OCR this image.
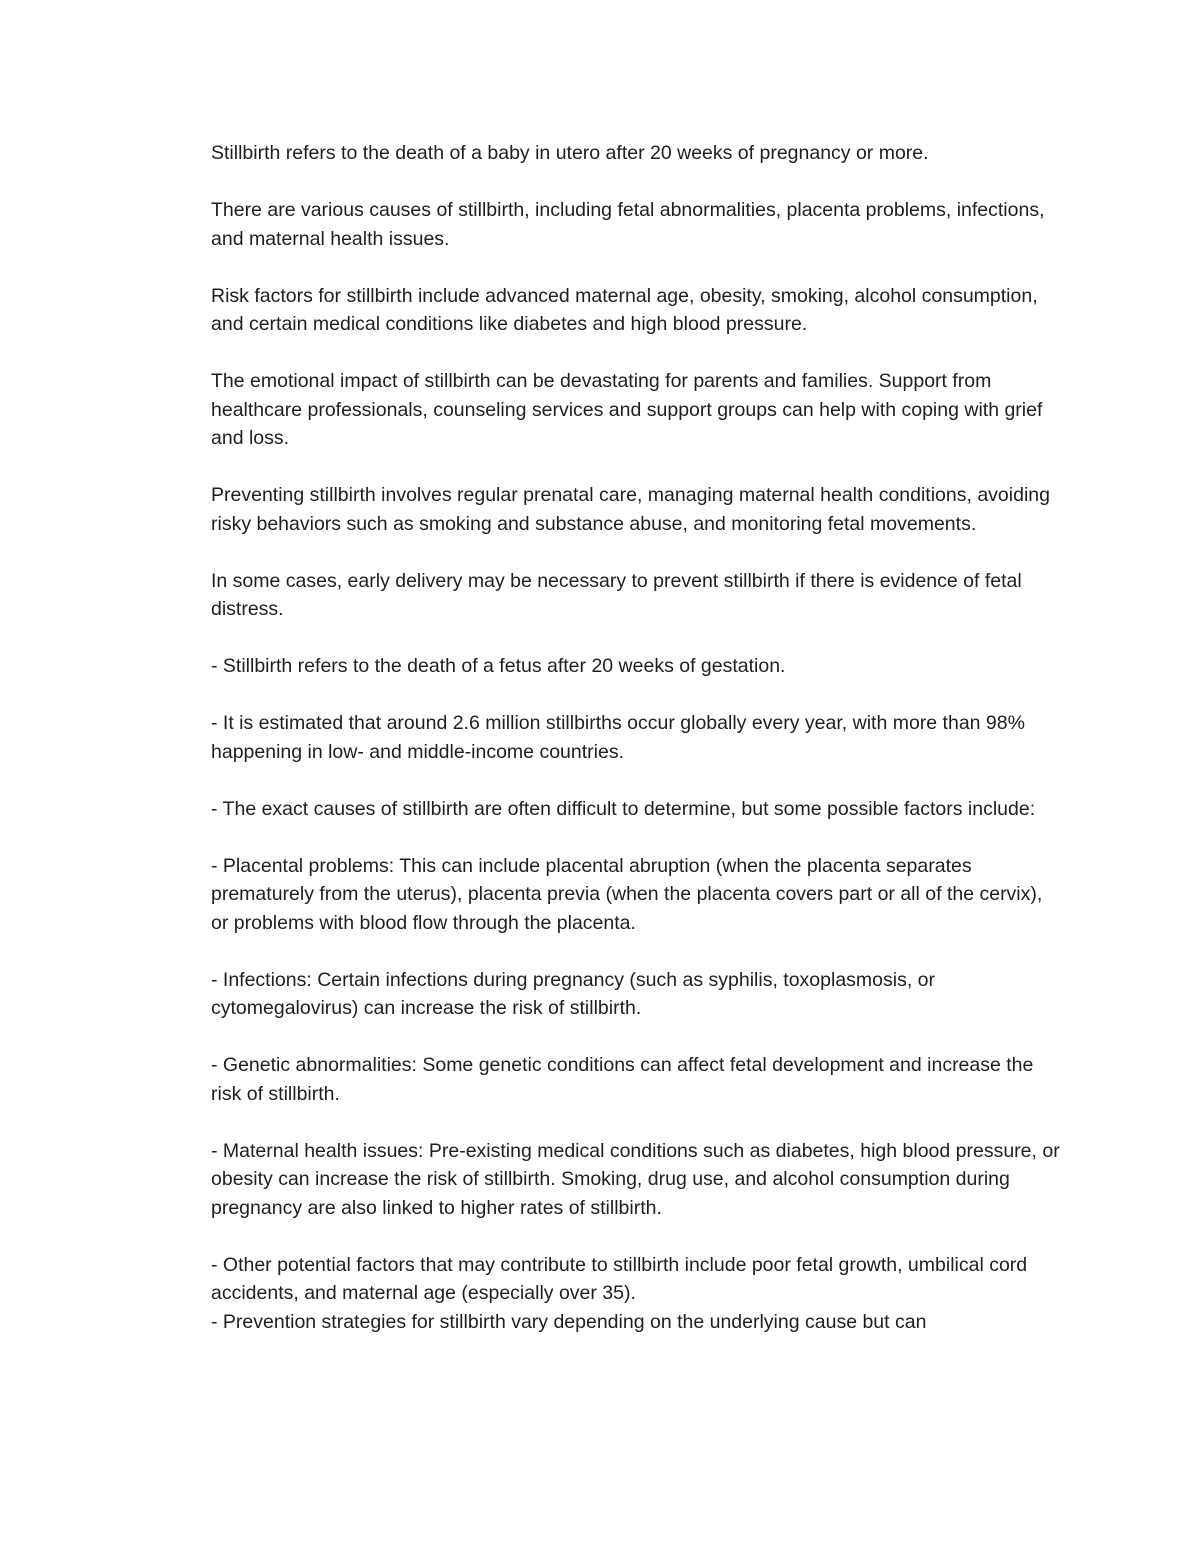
Stillbirth refers to the death of a baby in utero after 20 weeks of pregnancy or more.

There are various causes of stillbirth, including fetal abnormalities, placenta problems, infections, and maternal health issues.

Risk factors for stillbirth include advanced maternal age, obesity, smoking, alcohol consumption, and certain medical conditions like diabetes and high blood pressure.

The emotional impact of stillbirth can be devastating for parents and families. Support from healthcare professionals, counseling services and support groups can help with coping with grief and loss.

Preventing stillbirth involves regular prenatal care, managing maternal health conditions, avoiding risky behaviors such as smoking and substance abuse, and monitoring fetal movements.

In some cases, early delivery may be necessary to prevent stillbirth if there is evidence of fetal distress.

- Stillbirth refers to the death of a fetus after 20 weeks of gestation.

- It is estimated that around 2.6 million stillbirths occur globally every year, with more than 98% happening in low- and middle-income countries.

- The exact causes of stillbirth are often difficult to determine, but some possible factors include:

- Placental problems: This can include placental abruption (when the placenta separates prematurely from the uterus), placenta previa (when the placenta covers part or all of the cervix), or problems with blood flow through the placenta.

- Infections: Certain infections during pregnancy (such as syphilis, toxoplasmosis, or cytomegalovirus) can increase the risk of stillbirth.

- Genetic abnormalities: Some genetic conditions can affect fetal development and increase the risk of stillbirth.

- Maternal health issues: Pre-existing medical conditions such as diabetes, high blood pressure, or obesity can increase the risk of stillbirth. Smoking, drug use, and alcohol consumption during pregnancy are also linked to higher rates of stillbirth.

- Other potential factors that may contribute to stillbirth include poor fetal growth, umbilical cord accidents, and maternal age (especially over 35).

- Prevention strategies for stillbirth vary depending on the underlying cause but can
